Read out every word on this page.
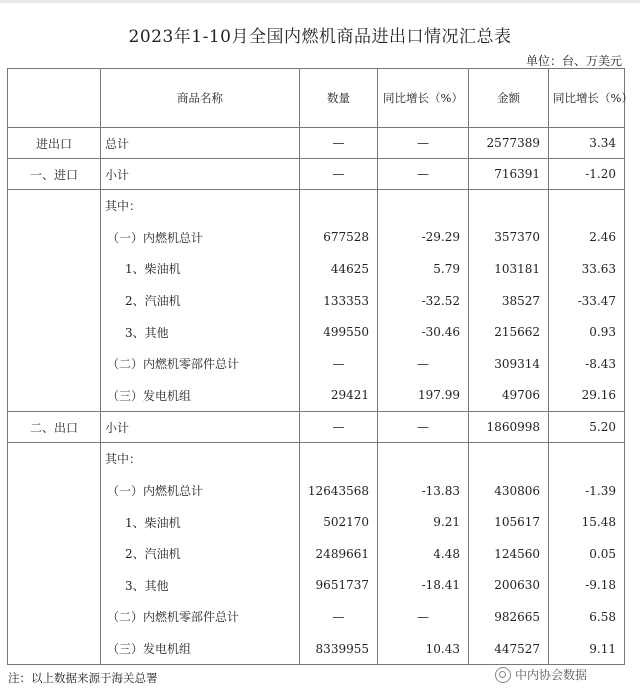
2023年1-10月全国内燃机商品进出口情况汇总表
单位：台、万美元
	商品名称	数量	同比增长（%）	金额	同比增长（%）
进出口	总计	—	—	2577389	3.34
一、进口	小计	—	—	716391	-1.20
	其中：				
	（一）内燃机总计	677528	-29.29	357370	2.46
	1、柴油机	44625	5.79	103181	33.63
	2、汽油机	133353	-32.52	38527	-33.47
	3、其他	499550	-30.46	215662	0.93
	（二）内燃机零部件总计	—	—	309314	-8.43
	（三）发电机组	29421	197.99	49706	29.16
二、出口	小计	—	—	1860998	5.20
	其中：				
	（一）内燃机总计	12643568	-13.83	430806	-1.39
	1、柴油机	502170	9.21	105617	15.48
	2、汽油机	2489661	4.48	124560	0.05
	3、其他	9651737	-18.41	200630	-9.18
	（二）内燃机零部件总计	—	—	982665	6.58
	（三）发电机组	8339955	10.43	447527	9.11
注：以上数据来源于海关总署	中内协会数据
